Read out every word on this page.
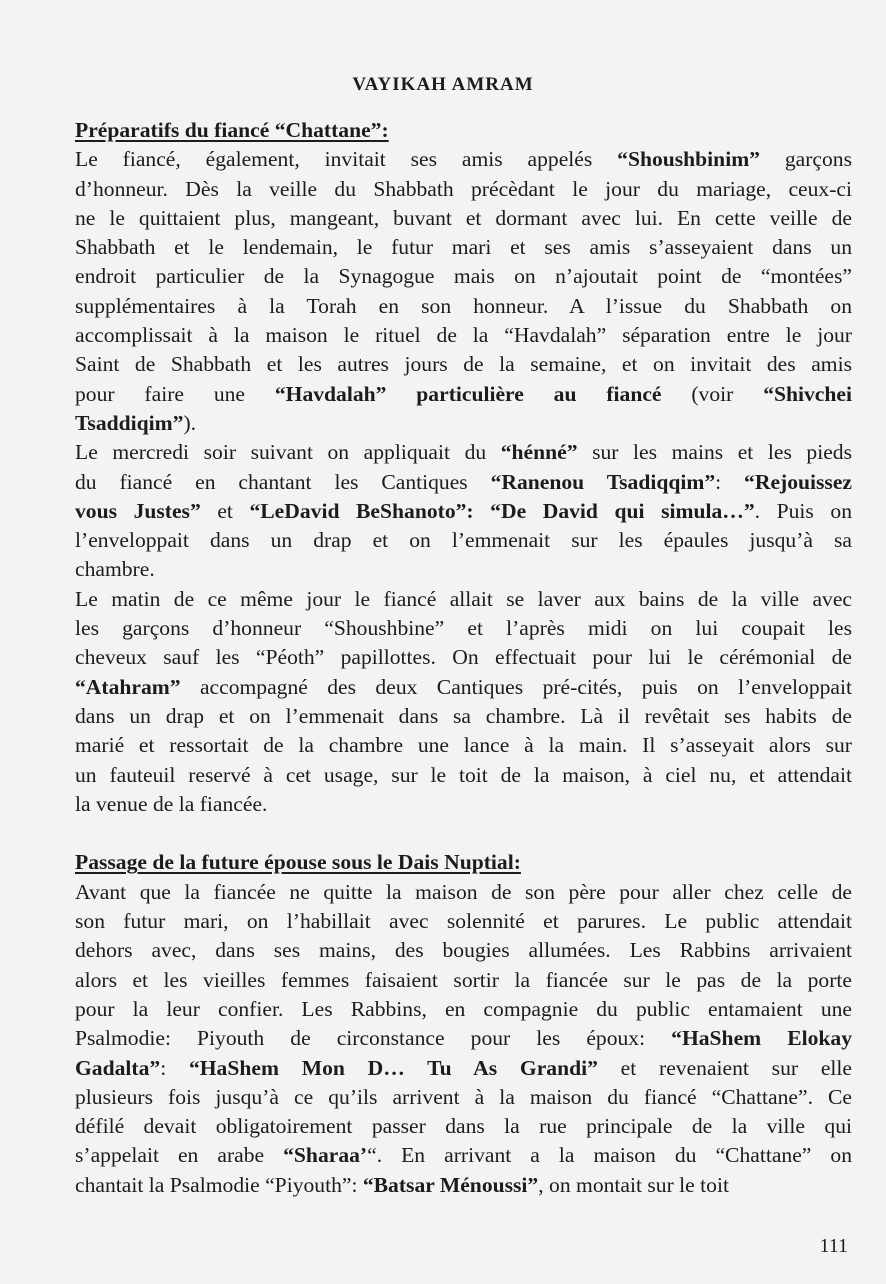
VAYIKAH AMRAM
Préparatifs du fiancé “Chattane”:
Le fiancé, également, invitait ses amis appelés “Shoushbinim” garçons
d’honneur. Dès la veille du Shabbath précèdant le jour du mariage, ceux-ci
ne le quittaient plus, mangeant, buvant et dormant avec lui. En cette veille de
Shabbath et le lendemain, le futur mari et ses amis s’asseyaient dans un
endroit particulier de la Synagogue mais on n’ajoutait point de “montées”
supplémentaires à la Torah en son honneur. A l’issue du Shabbath on
accomplissait à la maison le rituel de la “Havdalah” séparation entre le jour
Saint de Shabbath et les autres jours de la semaine, et on invitait des amis
pour faire une “Havdalah” particulière au fiancé (voir “Shivchei
Tsaddiqim”).
Le mercredi soir suivant on appliquait du “hénné” sur les mains et les pieds
du fiancé en chantant les Cantiques “Ranenou Tsadiqqim”: “Rejouissez
vous Justes” et “LeDavid BeShanoto”: “De David qui simula…”. Puis on
l’enveloppait dans un drap et on l’emmenait sur les épaules jusqu’à sa
chambre.
Le matin de ce même jour le fiancé allait se laver aux bains de la ville avec
les garçons d’honneur “Shoushbine” et l’après midi on lui coupait les
cheveux sauf les “Péoth” papillottes. On effectuait pour lui le cérémonial de
“Atahram” accompagné des deux Cantiques pré-cités, puis on l’enveloppait
dans un drap et on l’emmenait dans sa chambre. Là il revêtait ses habits de
marié et ressortait de la chambre une lance à la main. Il s’asseyait alors sur
un fauteuil reservé à cet usage, sur le toit de la maison, à ciel nu, et attendait
la venue de la fiancée.
Passage de la future épouse sous le Dais Nuptial:
Avant que la fiancée ne quitte la maison de son père pour aller chez celle de
son futur mari, on l’habillait avec solennité et parures. Le public attendait
dehors avec, dans ses mains, des bougies allumées. Les Rabbins arrivaient
alors et les vieilles femmes faisaient sortir la fiancée sur le pas de la porte
pour la leur confier. Les Rabbins, en compagnie du public entamaient une
Psalmodie: Piyouth de circonstance pour les époux: “HaShem Elokay
Gadalta”: “HaShem Mon D… Tu As Grandi” et revenaient sur elle
plusieurs fois jusqu’à ce qu’ils arrivent à la maison du fiancé “Chattane”. Ce
défilé devait obligatoirement passer dans la rue principale de la ville qui
s’appelait en arabe “Sharaa’“. En arrivant a la maison du “Chattane” on
chantait la Psalmodie “Piyouth”: “Batsar Ménoussi”, on montait sur le toit
111
